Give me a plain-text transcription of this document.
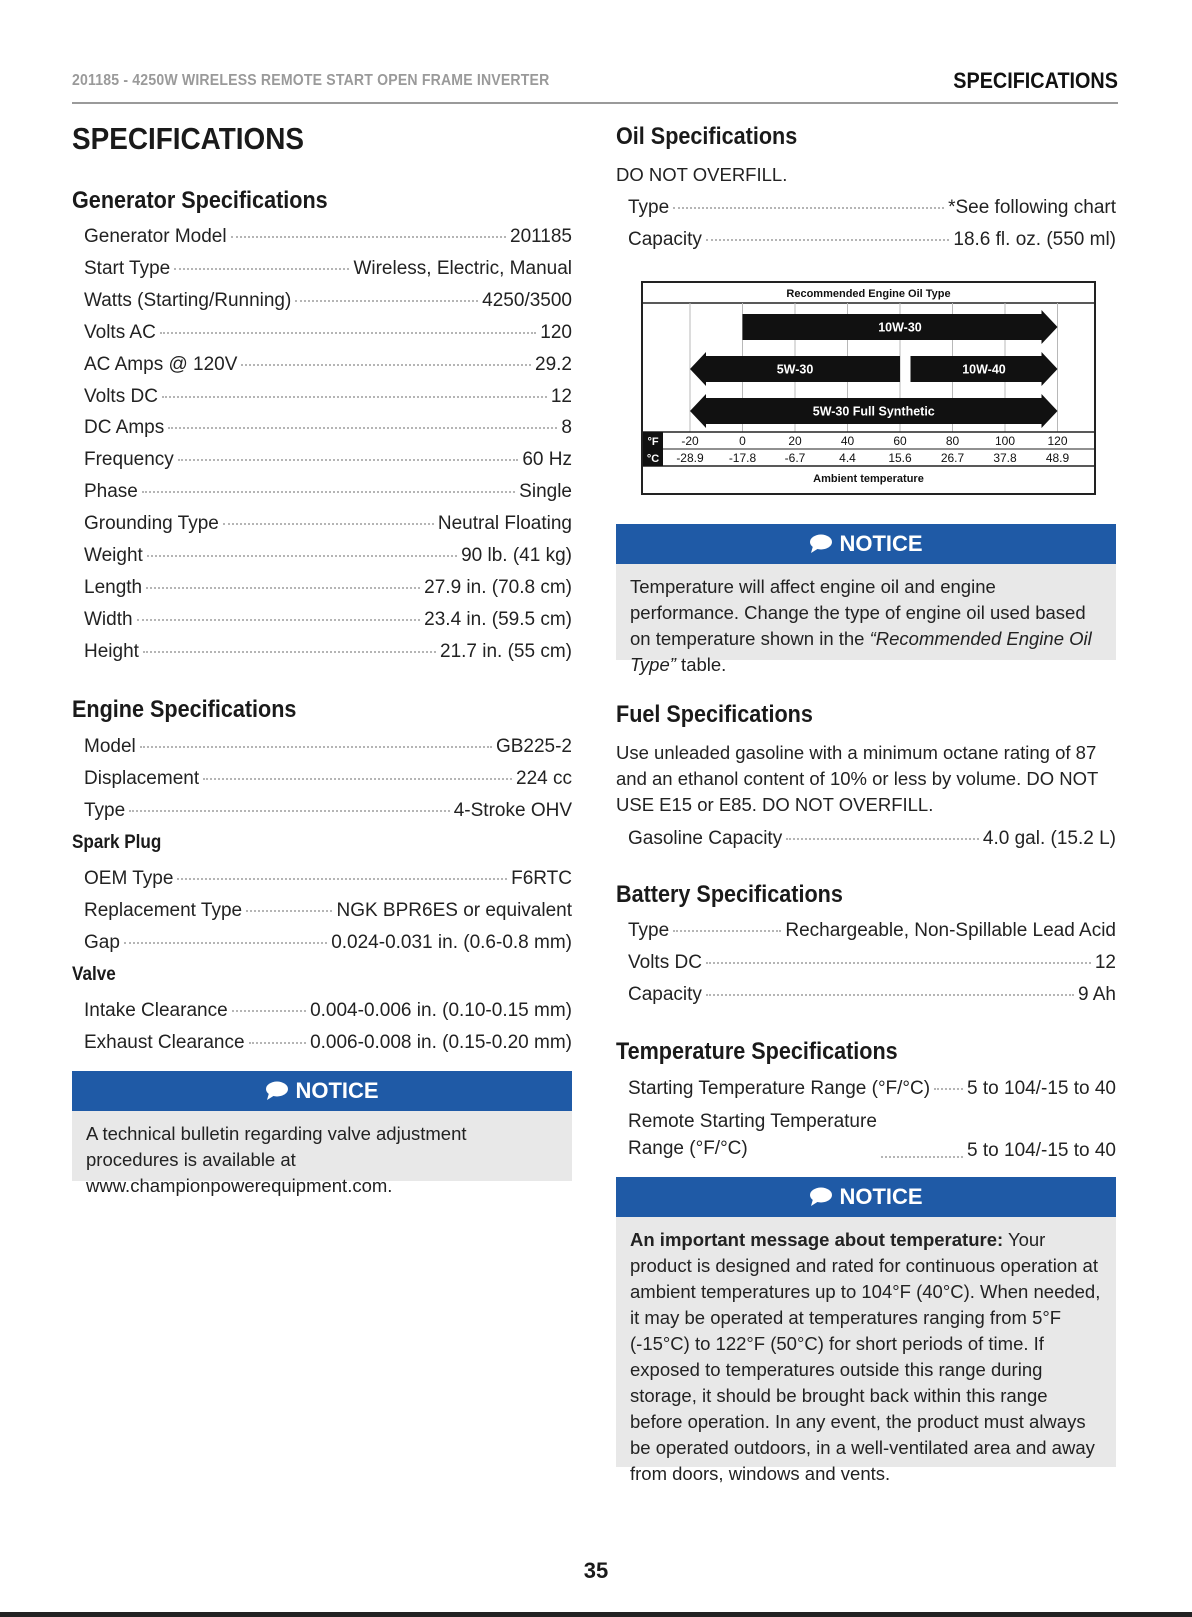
201185 - 4250W WIRELESS REMOTE START OPEN FRAME INVERTER	SPECIFICATIONS
SPECIFICATIONS
Generator Specifications
Generator Model	201185
Start Type	Wireless, Electric, Manual
Watts (Starting/Running)	4250/3500
Volts AC	120
AC Amps @ 120V	29.2
Volts DC	12
DC Amps	8
Frequency	60 Hz
Phase	Single
Grounding Type	Neutral Floating
Weight	90 lb. (41 kg)
Length	27.9 in. (70.8 cm)
Width	23.4 in. (59.5 cm)
Height	21.7 in. (55 cm)
Engine Specifications
Model	GB225-2
Displacement	224 cc
Type	4-Stroke OHV
Spark Plug
OEM Type	F6RTC
Replacement Type	NGK BPR6ES or equivalent
Gap	0.024-0.031 in. (0.6-0.8 mm)
Valve
Intake Clearance	0.004-0.006 in. (0.10-0.15 mm)
Exhaust Clearance	0.006-0.008 in. (0.15-0.20 mm)
NOTICE
A technical bulletin regarding valve adjustment procedures is available at www.championpowerequipment.com.
Oil Specifications
DO NOT OVERFILL.
Type	*See following chart
Capacity	18.6 fl. oz. (550 ml)
Recommended Engine Oil Type
10W-30
5W-30	10W-40
5W-30 Full Synthetic
°F
°C
-20
-28.9
0
-17.8
20
-6.7
40
4.4
60
15.6
80
26.7
100
37.8
120
48.9
Ambient temperature
NOTICE
Temperature will affect engine oil and engine performance. Change the type of engine oil used based on temperature shown in the “Recommended Engine Oil Type” table.
Fuel Specifications
Use unleaded gasoline with a minimum octane rating of 87 and an ethanol content of 10% or less by volume. DO NOT USE E15 or E85. DO NOT OVERFILL.
Gasoline Capacity	4.0 gal. (15.2 L)
Battery Specifications
Type	Rechargeable, Non-Spillable Lead Acid
Volts DC	12
Capacity	9 Ah
Temperature Specifications
Starting Temperature Range (°F/°C) 5 to 104/-15 to 40
Remote Starting Temperature
Range (°F/°C)	5 to 104/-15 to 40
NOTICE
An important message about temperature: Your product is designed and rated for continuous operation at ambient temperatures up to 104°F (40°C). When needed, it may be operated at temperatures ranging from 5°F (-15°C) to 122°F (50°C) for short periods of time. If exposed to temperatures outside this range during storage, it should be brought back within this range before operation. In any event, the product must always be operated outdoors, in a well-ventilated area and away from doors, windows and vents.
35
